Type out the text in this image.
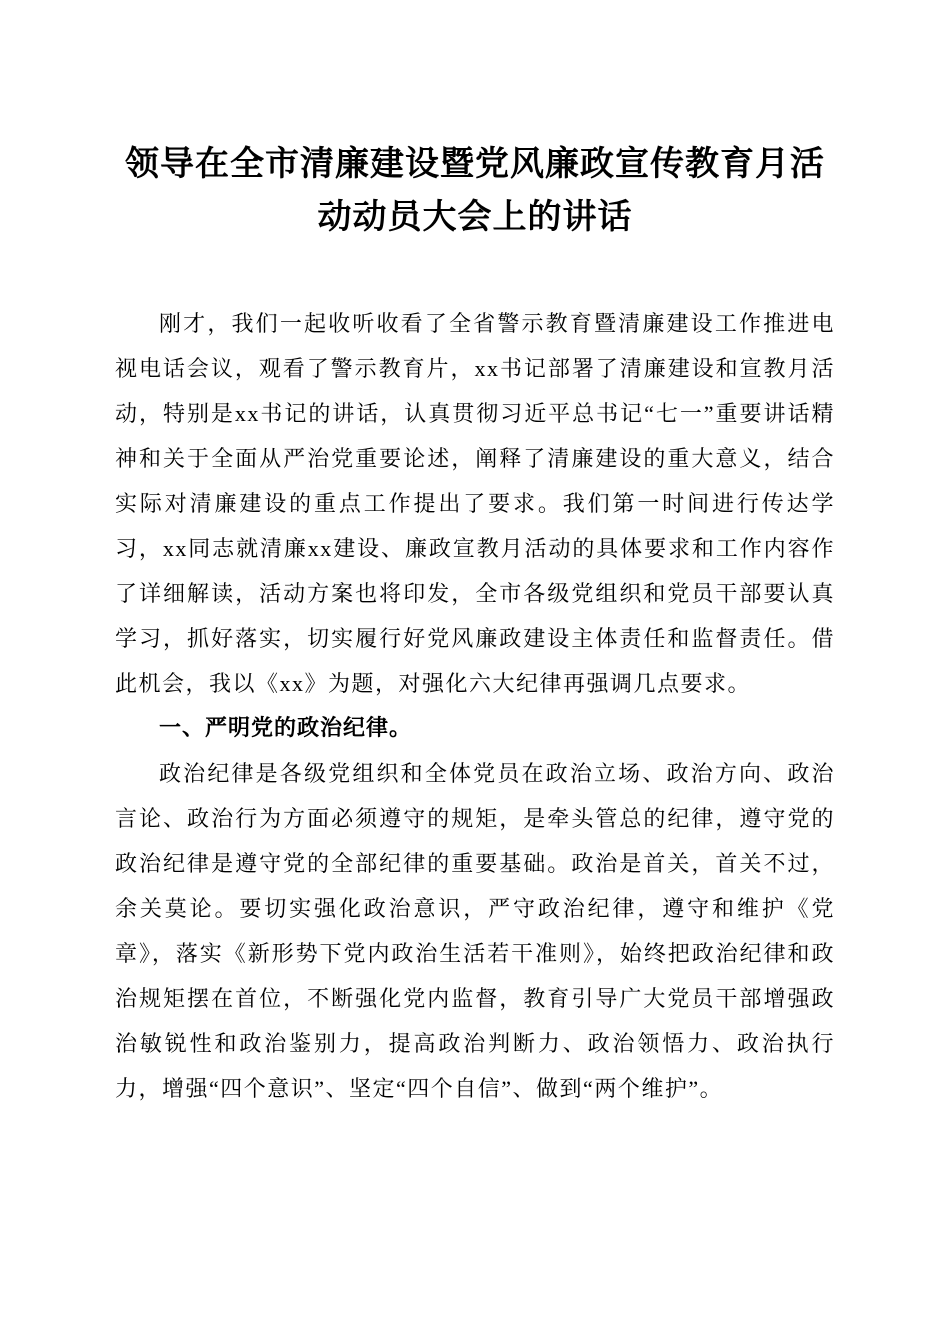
领导在全市清廉建设暨党风廉政宣传教育月活
动动员大会上的讲话

刚才，我们一起收听收看了全省警示教育暨清廉建设工作推进电视电话会议，观看了警示教育片，xx书记部署了清廉建设和宣教月活动，特别是xx书记的讲话，认真贯彻习近平总书记“七一”重要讲话精神和关于全面从严治党重要论述，阐释了清廉建设的重大意义，结合实际对清廉建设的重点工作提出了要求。我们第一时间进行传达学习，xx同志就清廉xx建设、廉政宣教月活动的具体要求和工作内容作了详细解读，活动方案也将印发，全市各级党组织和党员干部要认真学习，抓好落实，切实履行好党风廉政建设主体责任和监督责任。借此机会，我以《xx》为题，对强化六大纪律再强调几点要求。

一、严明党的政治纪律。

政治纪律是各级党组织和全体党员在政治立场、政治方向、政治言论、政治行为方面必须遵守的规矩，是牵头管总的纪律，遵守党的政治纪律是遵守党的全部纪律的重要基础。政治是首关，首关不过，余关莫论。要切实强化政治意识，严守政治纪律，遵守和维护《党章》，落实《新形势下党内政治生活若干准则》，始终把政治纪律和政治规矩摆在首位，不断强化党内监督，教育引导广大党员干部增强政治敏锐性和政治鉴别力，提高政治判断力、政治领悟力、政治执行力，增强“四个意识”、坚定“四个自信”、做到“两个维护”。
